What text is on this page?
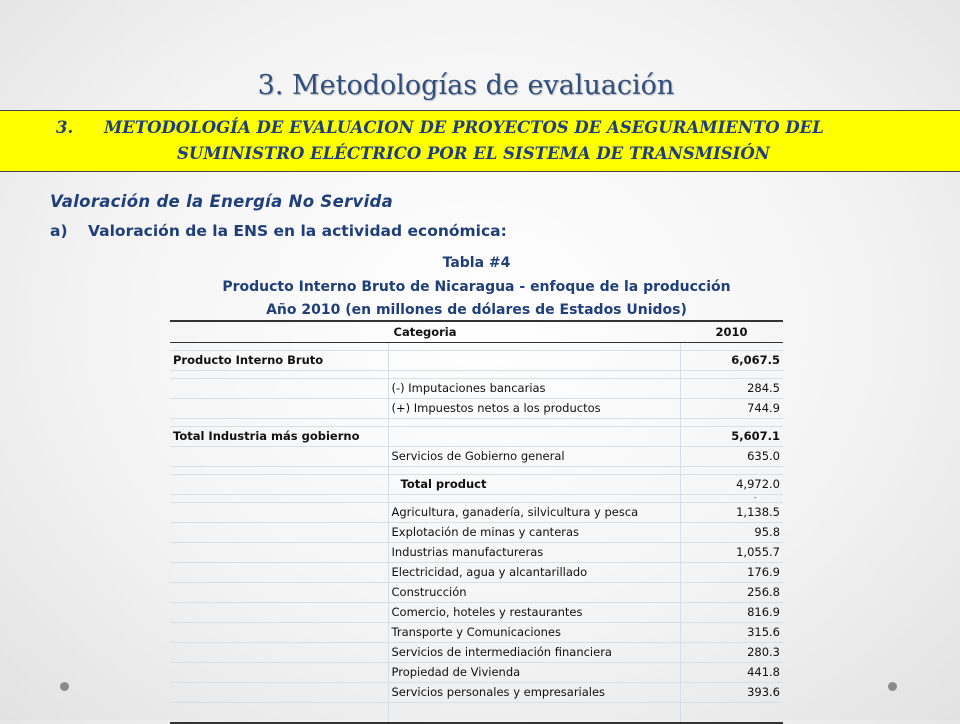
3. Metodologías de evaluación
3. METODOLOGÍA DE EVALUACION DE PROYECTOS DE ASEGURAMIENTO DEL
SUMINISTRO ELÉCTRICO POR EL SISTEMA DE TRANSMISIÓN
Valoración de la Energía No Servida
a) Valoración de la ENS en la actividad económica:
Tabla #4
Producto Interno Bruto de Nicaragua - enfoque de la producción
Año 2010 (en millones de dólares de Estados Unidos)
Categoria		2010

Producto Interno Bruto		6,067.5

	(-) Imputaciones bancarias	284.5
	(+) Impuestos netos a los productos	744.9

Total Industria más gobierno		5,607.1
	Servicios de Gobierno general	635.0

	Total product	4,972.0
		-
	Agricultura, ganadería, silvicultura y pesca	1,138.5
	Explotación de minas y canteras	95.8
	Industrias manufactureras	1,055.7
	Electricidad, agua y alcantarillado	176.9
	Construcción	256.8
	Comercio, hoteles y restaurantes	816.9
	Transporte y Comunicaciones	315.6
	Servicios de intermediación financiera	280.3
	Propiedad de Vivienda	441.8
	Servicios personales y empresariales	393.6
